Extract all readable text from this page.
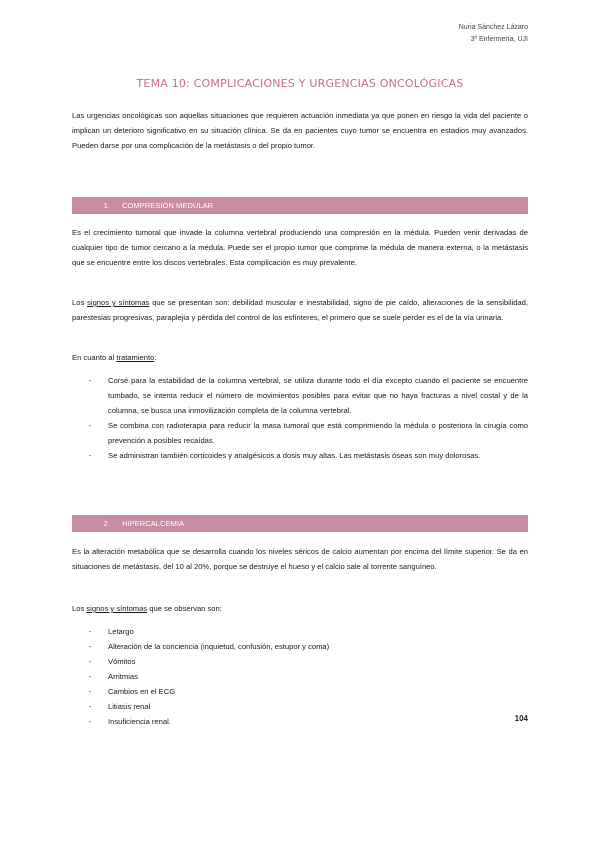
Nuria Sánchez Lázaro
3º Enfermería, UJI
TEMA 10: COMPLICACIONES Y URGENCIAS ONCOLÓGICAS

Las urgencias oncológicas son aquellas situaciones que requieren actuación inmediata ya que ponen en riesgo la vida del paciente o implican un deterioro significativo en su situación clínica. Se da en pacientes cuyo tumor se encuentra en estadios muy avanzados. Pueden darse por una complicación de la metástasis o del propio tumor.

1.	COMPRESIÓN MEDULAR

Es el crecimiento tumoral que invade la columna vertebral produciendo una compresión en la médula. Pueden venir derivadas de cualquier tipo de tumor cercano a la médula. Puede ser el propio tumor que comprime la médula de manera externa, o la metástasis que se encuentre entre los discos vertebrales. Esta complicación es muy prevalente.

Los signos y síntomas que se presentan son: debilidad muscular e inestabilidad, signo de pie caído, alteraciones de la sensibilidad, parestesias progresivas, paraplejia y pérdida del control de los esfínteres, el primero que se suele perder es el de la vía urinaria.

En cuanto al tratamiento:

- Corsé para la estabilidad de la columna vertebral, se utiliza durante todo el día excepto cuando el paciente se encuentre tumbado, se intenta reducir el número de movimientos posibles para evitar que no haya fracturas a nivel costal y de la columna, se busca una inmovilización completa de la columna vertebral.
- Se combina con radioterapia para reducir la masa tumoral que está comprimiendo la médula o posteriora la cirugía como prevención a posibles recaídas.
- Se administran también corticoides y analgésicos a dosis muy altas. Las metástasis óseas son muy dolorosas.
2.	HIPERCALCEMIA

Es la alteración metabólica que se desarrolla cuando los niveles séricos de calcio aumentan por encima del límite superior. Se da en situaciones de metástasis, del 10 al 20%, porque se destruye el hueso y el calcio sale al torrente sanguíneo.

Los signos y síntomas que se observan son:

- Letargo
- Alteración de la conciencia (inquietud, confusión, estupor y coma)
- Vómitos
- Arritmias
- Cambios en el ECG
- Litiasis renal
- Insuficiencia renal.	104
